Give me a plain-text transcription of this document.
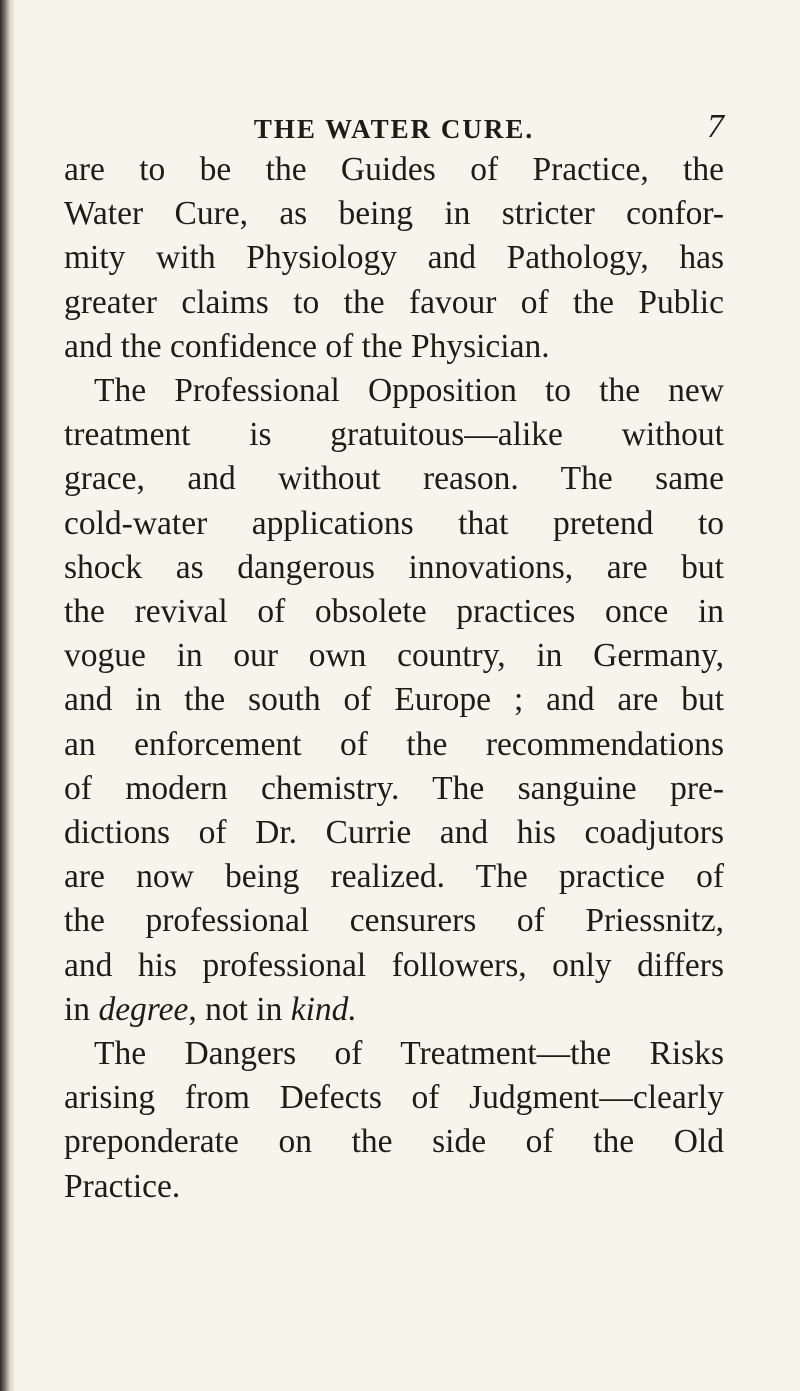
THE WATER CURE.	7
are to be the Guides of Practice, the
Water Cure, as being in stricter confor-
mity with Physiology and Pathology, has
greater claims to the favour of the Public
and the confidence of the Physician.
The Professional Opposition to the new
treatment is gratuitous—alike without
grace, and without reason. The same
cold-water applications that pretend to
shock as dangerous innovations, are but
the revival of obsolete practices once in
vogue in our own country, in Germany,
and in the south of Europe ; and are but
an enforcement of the recommendations
of modern chemistry. The sanguine pre-
dictions of Dr. Currie and his coadjutors
are now being realized. The practice of
the professional censurers of Priessnitz,
and his professional followers, only differs
in degree, not in kind.
The Dangers of Treatment—the Risks
arising from Defects of Judgment—clearly
preponderate on the side of the Old
Practice.
